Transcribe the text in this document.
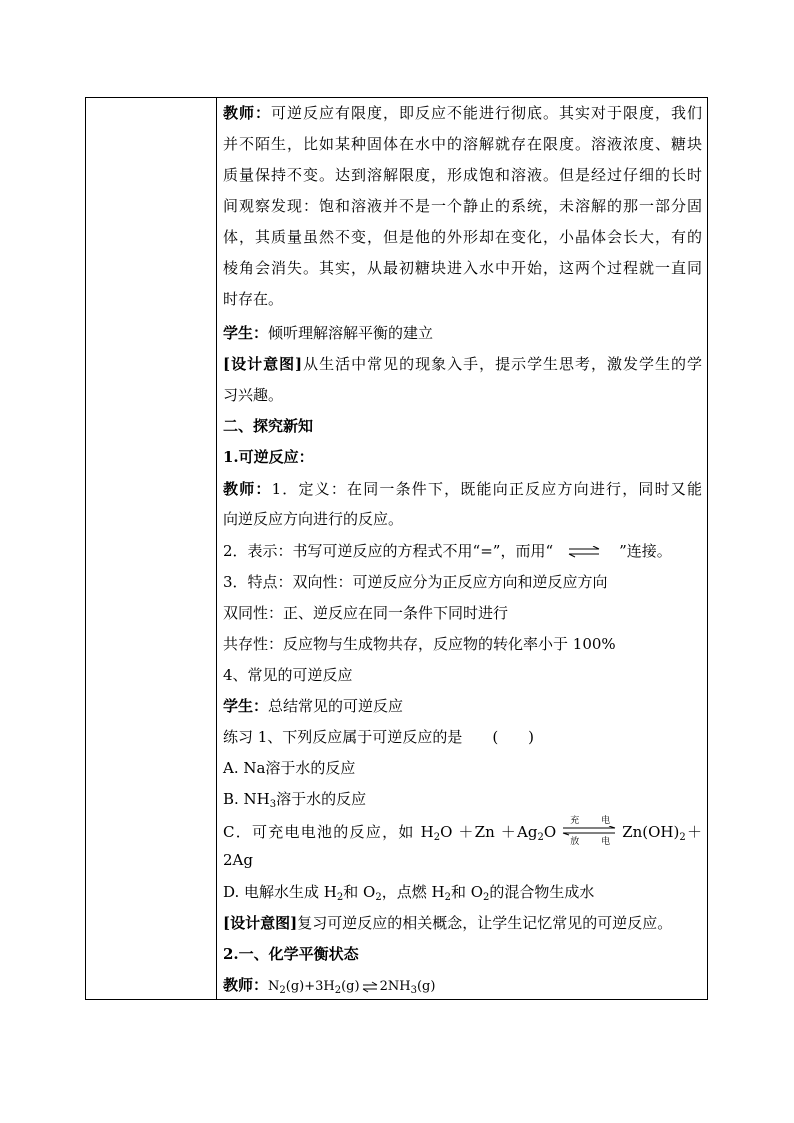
教师：可逆反应有限度，即反应不能进行彻底。其实对于限度，我们
并不陌生，比如某种固体在水中的溶解就存在限度。溶液浓度、糖块
质量保持不变。达到溶解限度，形成饱和溶液。但是经过仔细的长时
间观察发现：饱和溶液并不是一个静止的系统，未溶解的那一部分固
体，其质量虽然不变，但是他的外形却在变化，小晶体会长大，有的
棱角会消失。其实，从最初糖块进入水中开始，这两个过程就一直同
时存在。
学生：倾听理解溶解平衡的建立
[设计意图]从生活中常见的现象入手，提示学生思考，激发学生的学
习兴趣。
二、探究新知
1.可逆反应：
教师：1．定义：在同一条件下，既能向正反应方向进行，同时又能
向逆反应方向进行的反应。
2．表示：书写可逆反应的方程式不用“=”，而用“	”连接。
3．特点：双向性：可逆反应分为正反应方向和逆反应方向
双同性：正、逆反应在同一条件下同时进行
共存性：反应物与生成物共存，反应物的转化率小于 100%
4、常见的可逆反应
学生：总结常见的可逆反应
练习 1、下列反应属于可逆反应的是 (　　)
A. Na溶于水的反应
B. $NH_3$溶于水的反应
C．可充电电池的反应，如 $H_2O +Zn +Ag_2O$
充电
放电
$Zn(OH)_2+$
2Ag
D. 电解水生成 $H_2$和 $O_2$，点燃 $H_2$和 $O_2$的混合物生成水
[设计意图]复习可逆反应的相关概念，让学生记忆常见的可逆反应。
2.一、化学平衡状态
教师：$N_2(g)+3H_2(g)\rightleftharpoons 2NH_3(g)$
